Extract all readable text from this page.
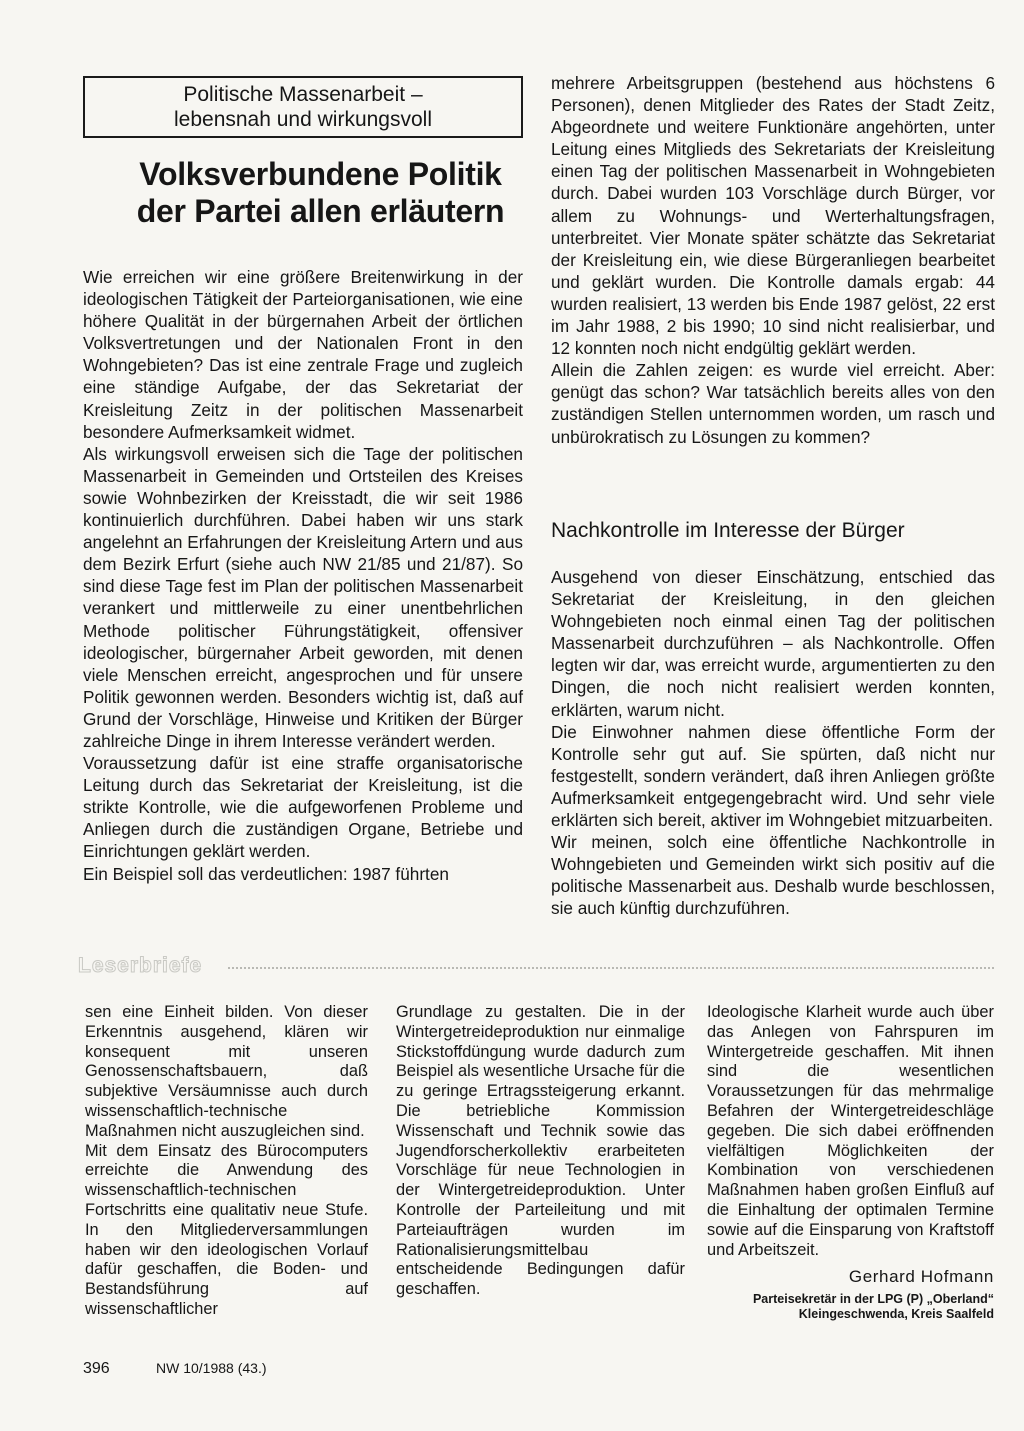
Politische Massenarbeit –
lebensnah und wirkungsvoll
Volksverbundene Politik
der Partei allen erläutern

Wie erreichen wir eine größere Breitenwirkung in der ideologischen Tätigkeit der Parteiorganisationen, wie eine höhere Qualität in der bürgernahen Arbeit der örtlichen Volksvertretungen und der Nationalen Front in den Wohngebieten? Das ist eine zentrale Frage und zugleich eine ständige Aufgabe, der das Sekretariat der Kreisleitung Zeitz in der politischen Massenarbeit besondere Aufmerksamkeit widmet.

Als wirkungsvoll erweisen sich die Tage der politischen Massenarbeit in Gemeinden und Ortsteilen des Kreises sowie Wohnbezirken der Kreisstadt, die wir seit 1986 kontinuierlich durchführen. Dabei haben wir uns stark angelehnt an Erfahrungen der Kreisleitung Artern und aus dem Bezirk Erfurt (siehe auch NW 21/85 und 21/87). So sind diese Tage fest im Plan der politischen Massenarbeit verankert und mittlerweile zu einer unentbehrlichen Methode politischer Führungstätigkeit, offensiver ideologischer, bürgernaher Arbeit geworden, mit denen viele Menschen erreicht, angesprochen und für unsere Politik gewonnen werden. Besonders wichtig ist, daß auf Grund der Vorschläge, Hinweise und Kritiken der Bürger zahlreiche Dinge in ihrem Interesse verändert werden.

Voraussetzung dafür ist eine straffe organisatorische Leitung durch das Sekretariat der Kreisleitung, ist die strikte Kontrolle, wie die aufgeworfenen Probleme und Anliegen durch die zuständigen Organe, Betriebe und Einrichtungen geklärt werden.

Ein Beispiel soll das verdeutlichen: 1987 führten

mehrere Arbeitsgruppen (bestehend aus höchstens 6 Personen), denen Mitglieder des Rates der Stadt Zeitz, Abgeordnete und weitere Funktionäre angehörten, unter Leitung eines Mitglieds des Sekretariats der Kreisleitung einen Tag der politischen Massenarbeit in Wohngebieten durch. Dabei wurden 103 Vorschläge durch Bürger, vor allem zu Wohnungs- und Werterhaltungsfragen, unterbreitet. Vier Monate später schätzte das Sekretariat der Kreisleitung ein, wie diese Bürgeranliegen bearbeitet und geklärt wurden. Die Kontrolle damals ergab: 44 wurden realisiert, 13 werden bis Ende 1987 gelöst, 22 erst im Jahr 1988, 2 bis 1990; 10 sind nicht realisierbar, und 12 konnten noch nicht endgültig geklärt werden.

Allein die Zahlen zeigen: es wurde viel erreicht. Aber: genügt das schon? War tatsächlich bereits alles von den zuständigen Stellen unternommen worden, um rasch und unbürokratisch zu Lösungen zu kommen?

Nachkontrolle im Interesse der Bürger

Ausgehend von dieser Einschätzung, entschied das Sekretariat der Kreisleitung, in den gleichen Wohngebieten noch einmal einen Tag der politischen Massenarbeit durchzuführen – als Nachkontrolle. Offen legten wir dar, was erreicht wurde, argumentierten zu den Dingen, die noch nicht realisiert werden konnten, erklärten, warum nicht.

Die Einwohner nahmen diese öffentliche Form der Kontrolle sehr gut auf. Sie spürten, daß nicht nur festgestellt, sondern verändert, daß ihren Anliegen größte Aufmerksamkeit entgegengebracht wird. Und sehr viele erklärten sich bereit, aktiver im Wohngebiet mitzuarbeiten.

Wir meinen, solch eine öffentliche Nachkontrolle in Wohngebieten und Gemeinden wirkt sich positiv auf die politische Massenarbeit aus. Deshalb wurde beschlossen, sie auch künftig durchzuführen.

Leserbriefe

sen eine Einheit bilden. Von dieser Erkenntnis ausgehend, klären wir konsequent mit unseren Genossenschaftsbauern, daß subjektive Versäumnisse auch durch wissenschaftlich-technische Maßnahmen nicht auszugleichen sind.

Mit dem Einsatz des Bürocomputers erreichte die Anwendung des wissenschaftlich-technischen Fortschritts eine qualitativ neue Stufe. In den Mitgliederversammlungen haben wir den ideologischen Vorlauf dafür geschaffen, die Boden- und Bestandsführung auf wissenschaftlicher

Grundlage zu gestalten. Die in der Wintergetreideproduktion nur einmalige Stickstoffdüngung wurde dadurch zum Beispiel als wesentliche Ursache für die zu geringe Ertragssteigerung erkannt. Die betriebliche Kommission Wissenschaft und Technik sowie das Jugendforscherkollektiv erarbeiteten Vorschläge für neue Technologien in der Wintergetreideproduktion. Unter Kontrolle der Parteileitung und mit Parteiaufträgen wurden im Rationalisierungsmittelbau entscheidende Bedingungen dafür geschaffen.

Ideologische Klarheit wurde auch über das Anlegen von Fahrspuren im Wintergetreide geschaffen. Mit ihnen sind die wesentlichen Voraussetzungen für das mehrmalige Befahren der Wintergetreideschläge gegeben. Die sich dabei eröffnenden vielfältigen Möglichkeiten der Kombination von verschiedenen Maßnahmen haben großen Einfluß auf die Einhaltung der optimalen Termine sowie auf die Einsparung von Kraftstoff und Arbeitszeit.

Gerhard Hofmann
Parteisekretär in der LPG (P) „Oberland“
Kleingeschwenda, Kreis Saalfeld
396	NW 10/1988 (43.)
